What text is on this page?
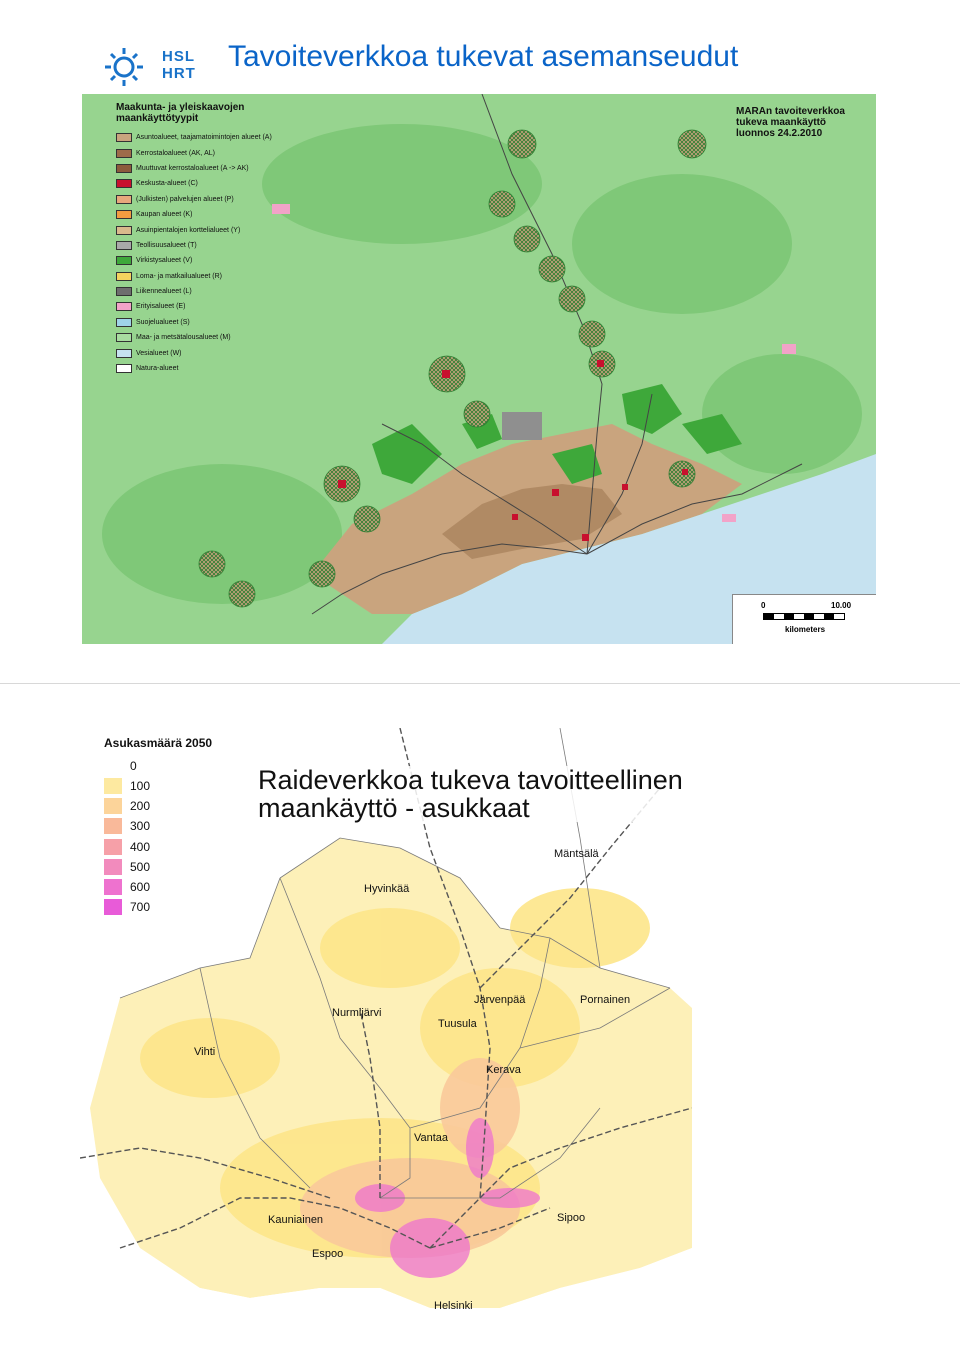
HSL
HRT
Tavoiteverkkoa tukevat asemanseudut
Maakunta- ja yleiskaavojen maankäyttötyypit
Asuntoalueet, taajamatoimintojen alueet (A)
Kerrostaloalueet (AK, AL)
Muuttuvat kerrostaloalueet (A -> AK)
Keskusta-alueet (C)
(Julkisten) palvelujen alueet (P)
Kaupan alueet (K)
Asuinpientalojen korttelialueet (Y)
Teollisuusalueet (T)
Virkistysalueet (V)
Loma- ja matkailualueet (R)
Liikennealueet (L)
Erityisalueet (E)
Suojelualueet (S)
Maa- ja metsätalousalueet (M)
Vesialueet (W)
Natura-alueet
MARAn tavoiteverkkoa tukeva maankäyttö luonnos 24.2.2010
0	10.00
kilometers
Mäntsälä
Hyvinkää
Järvenpää	Pornainen
Nurmijärvi
Tuusula
Vihti
Kerava
Vantaa
Kauniainen	Sipoo
Espoo
Helsinki
Asukasmäärä 2050
0
100
200
300
400
500
600
700
Raideverkkoa tukeva tavoitteellinen maankäyttö - asukkaat
